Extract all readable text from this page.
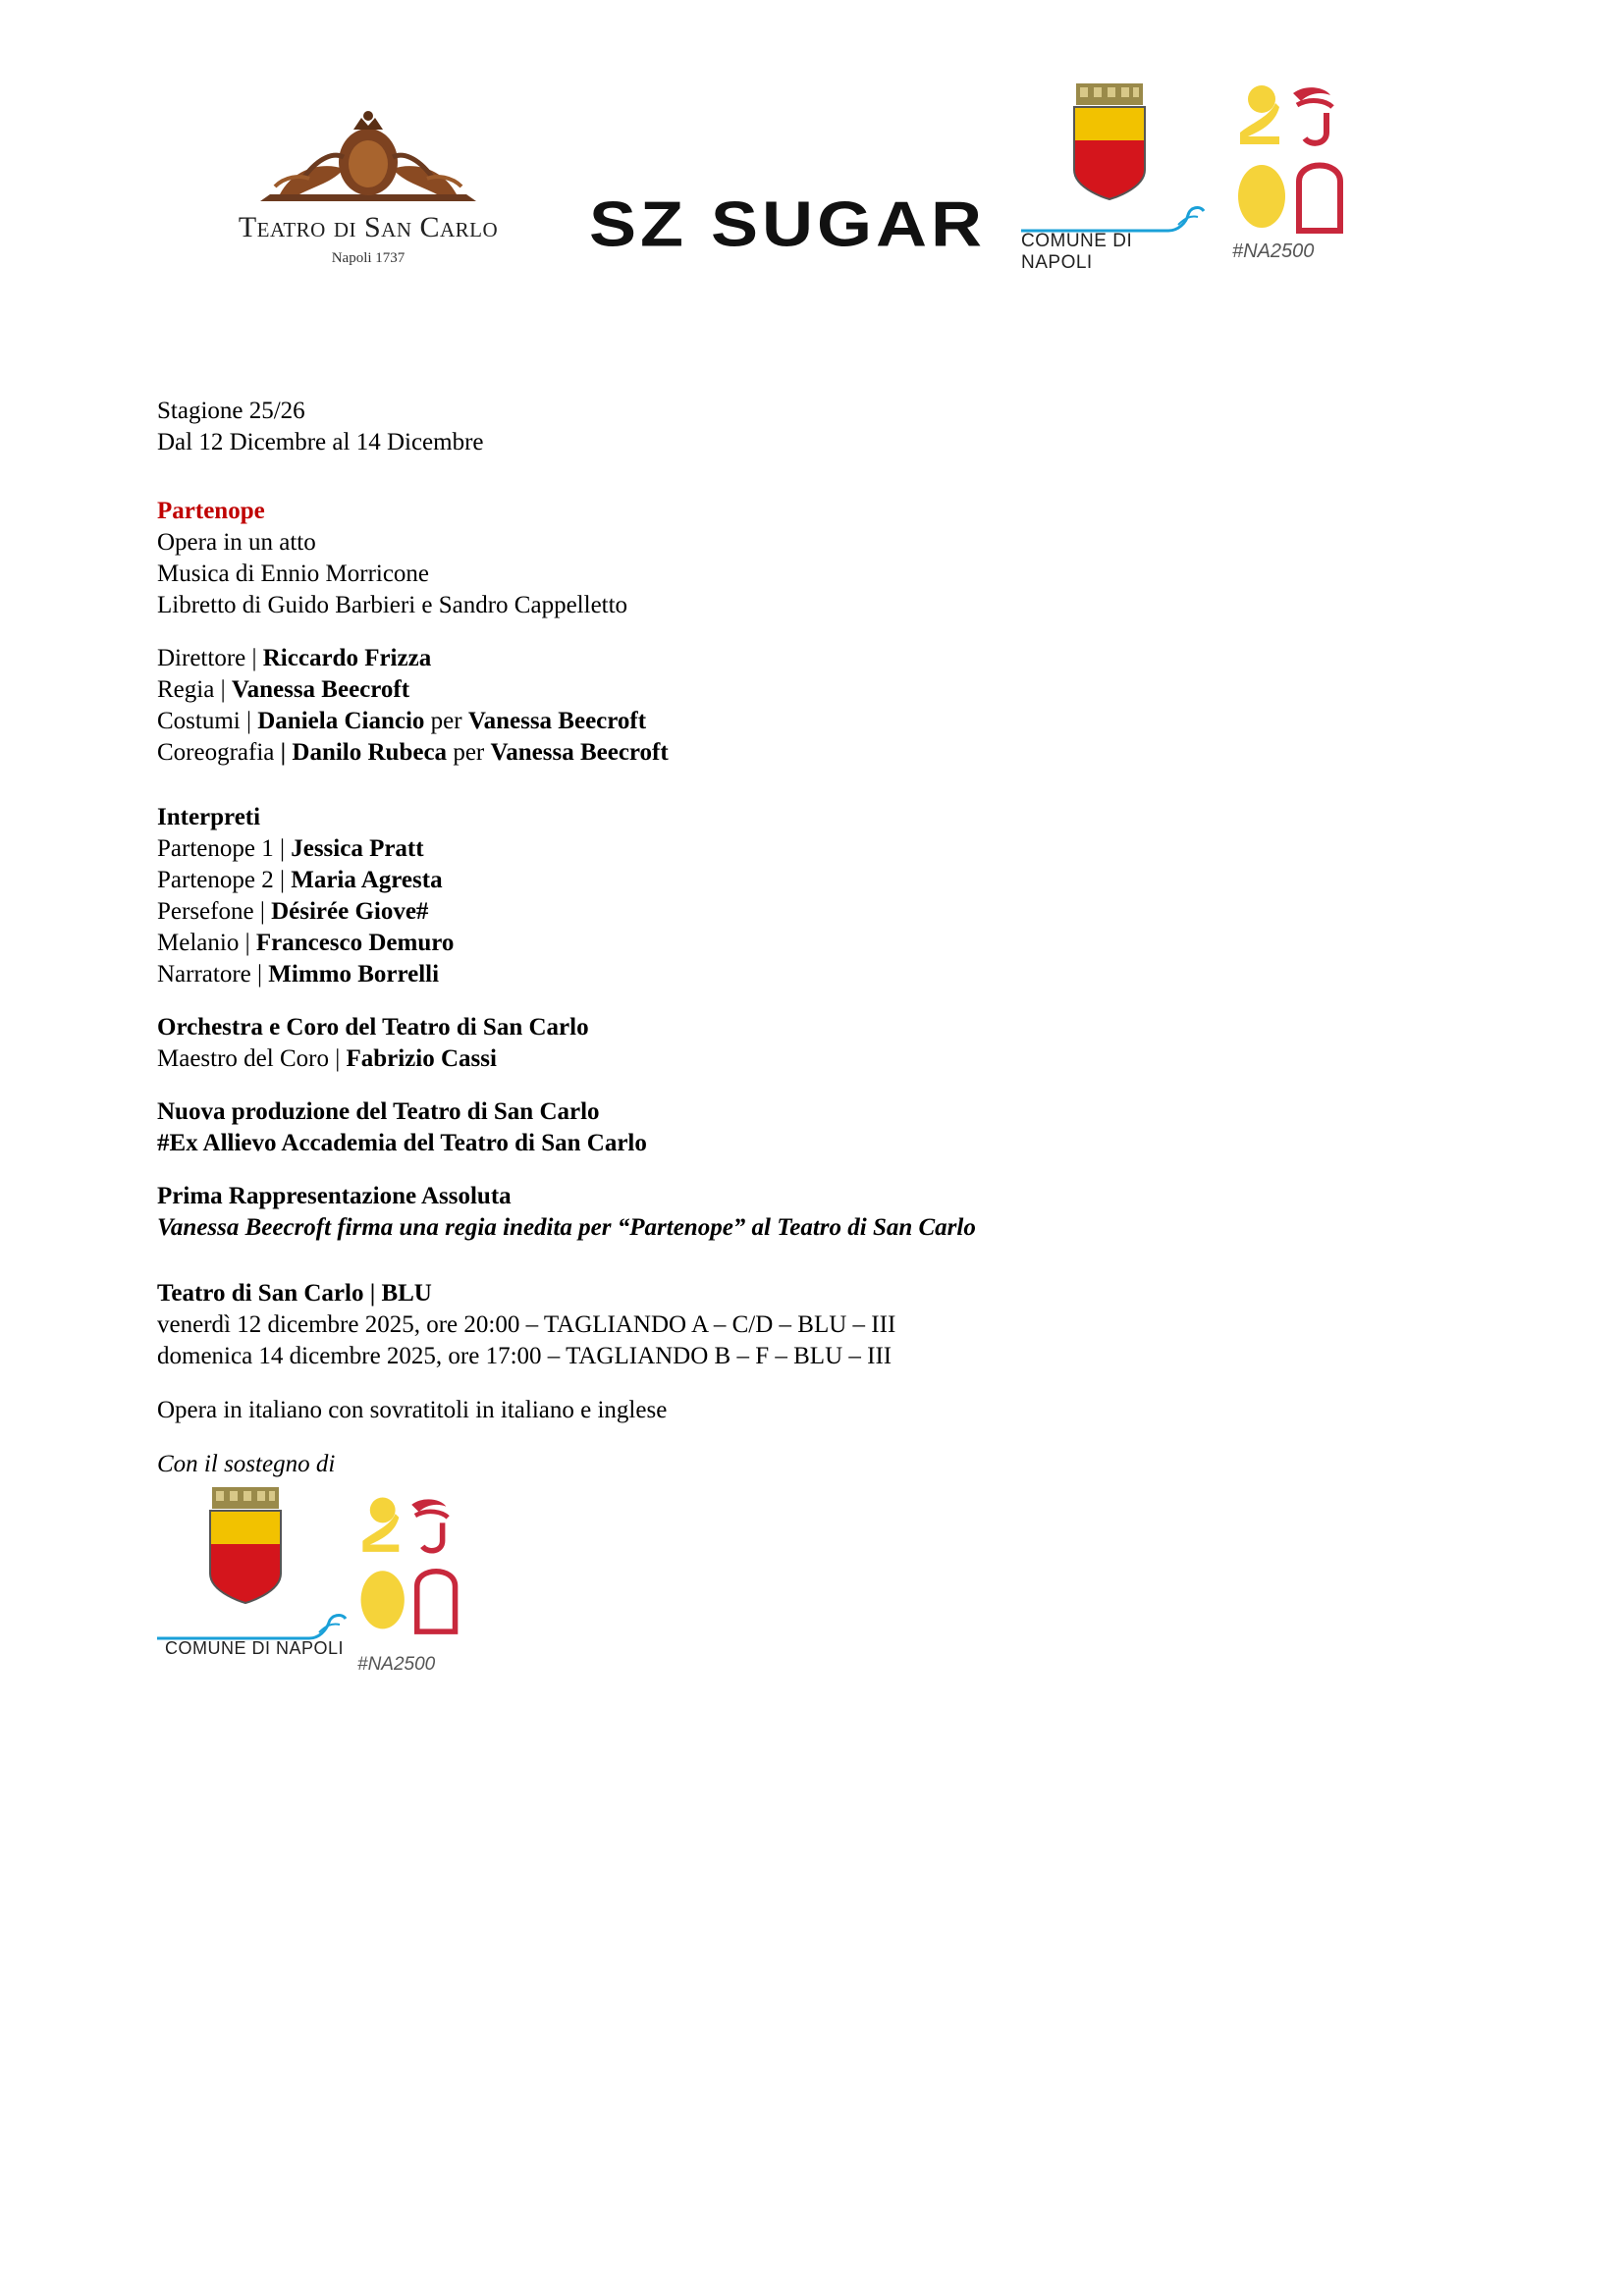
Teatro di San Carlo
Napoli 1737	SZ SUGAR COMUNE DI NAPOLI
#NA2500
Stagione 25/26
Dal 12 Dicembre al 14 Dicembre
Partenope
Opera in un atto
Musica di Ennio Morricone
Libretto di Guido Barbieri e Sandro Cappelletto
Direttore | Riccardo Frizza
Regia | Vanessa Beecroft
Costumi | Daniela Ciancio per Vanessa Beecroft
Coreografia | Danilo Rubeca per Vanessa Beecroft
Interpreti
Partenope 1 | Jessica Pratt
Partenope 2 | Maria Agresta
Persefone | Désirée Giove#
Melanio | Francesco Demuro
Narratore | Mimmo Borrelli
Orchestra e Coro del Teatro di San Carlo
Maestro del Coro | Fabrizio Cassi
Nuova produzione del Teatro di San Carlo
#Ex Allievo Accademia del Teatro di San Carlo
Prima Rappresentazione Assoluta
Vanessa Beecroft firma una regia inedita per “Partenope” al Teatro di San Carlo
Teatro di San Carlo | BLU
venerdì 12 dicembre 2025, ore 20:00 – TAGLIANDO A – C/D – BLU – III
domenica 14 dicembre 2025, ore 17:00 – TAGLIANDO B – F – BLU – III
Opera in italiano con sovratitoli in italiano e inglese
Con il sostegno di
COMUNE DI NAPOLI
#NA2500
